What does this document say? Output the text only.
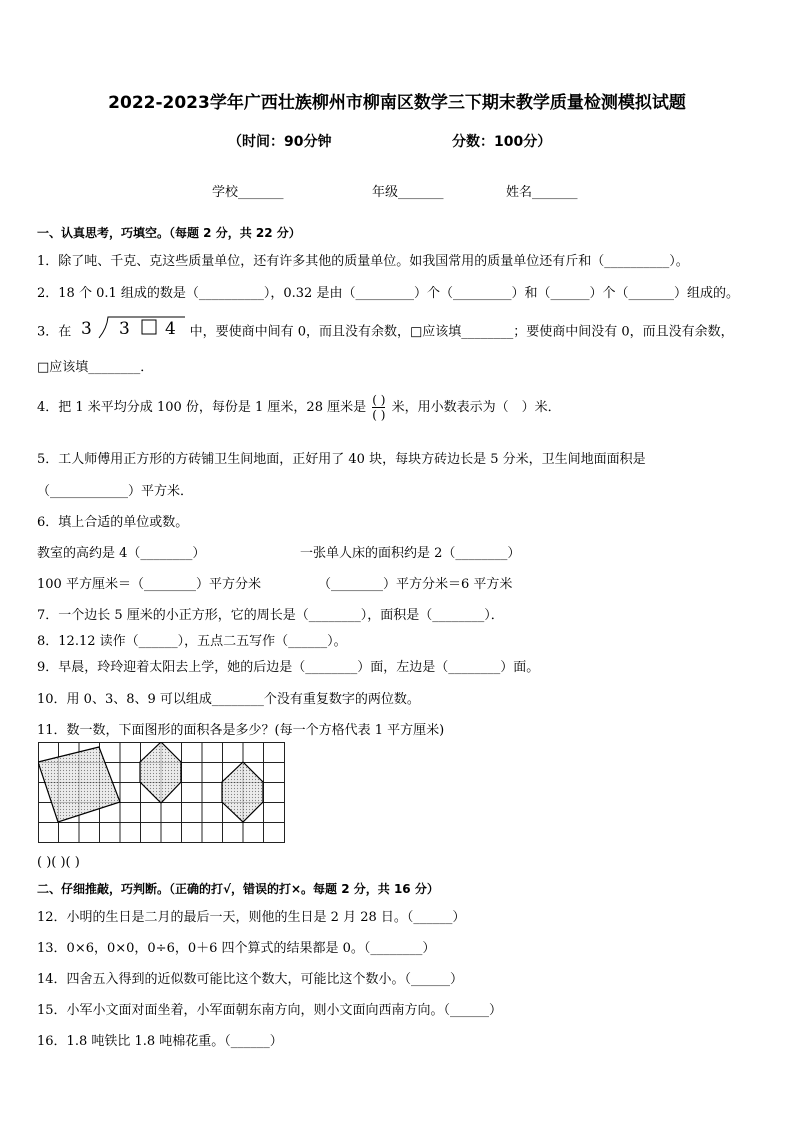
2022-2023学年广西壮族柳州市柳南区数学三下期末教学质量检测模拟试题
（时间：90分钟	分数：100分）
学校_______	年级_______	姓名_______
一、认真思考，巧填空。（每题 2 分，共 22 分）
1．除了吨、千克、克这些质量单位，还有许多其他的质量单位。如我国常用的质量单位还有斤和（__________）。
2．18 个 0.1 组成的数是（__________），0.32 是由（_________）个（_________）和（______）个（_______）组成的。
3．在 3 3 4 中，要使商中间有 0，而且没有余数，□应该填________；要使商中间没有 0，而且没有余数，
□应该填________．
4．把 1 米平均分成 100 份，每份是 1 厘米，28 厘米是 $\frac{( )}{( )}$ 米，用小数表示为（　）米．
5．工人师傅用正方形的方砖铺卫生间地面，正好用了 40 块，每块方砖边长是 5 分米，卫生间地面面积是
（____________）平方米．
6．填上合适的单位或数。
教室的高约是 4（________）	一张单人床的面积约是 2（________）
100 平方厘米＝（________）平方分米	（________）平方分米＝6 平方米
7．一个边长 5 厘米的小正方形，它的周长是（________），面积是（________）．
8．12.12 读作（______），五点二五写作（______）。
9．早晨，玲玲迎着太阳去上学，她的后边是（________）面，左边是（________）面。
10．用 0、3、8、9 可以组成________个没有重复数字的两位数。
11．数一数，下面图形的面积各是多少？(每一个方格代表 1 平方厘米)
( )( )( )
二、仔细推敲，巧判断。（正确的打√，错误的打×。每题 2 分，共 16 分）
12．小明的生日是二月的最后一天，则他的生日是 2 月 28 日。（______）
13．0×6，0×0，0÷6，0＋6 四个算式的结果都是 0。（________）
14．四舍五入得到的近似数可能比这个数大，可能比这个数小。（______）
15．小军小文面对面坐着，小军面朝东南方向，则小文面向西南方向。（______）
16．1.8 吨铁比 1.8 吨棉花重。（______）
